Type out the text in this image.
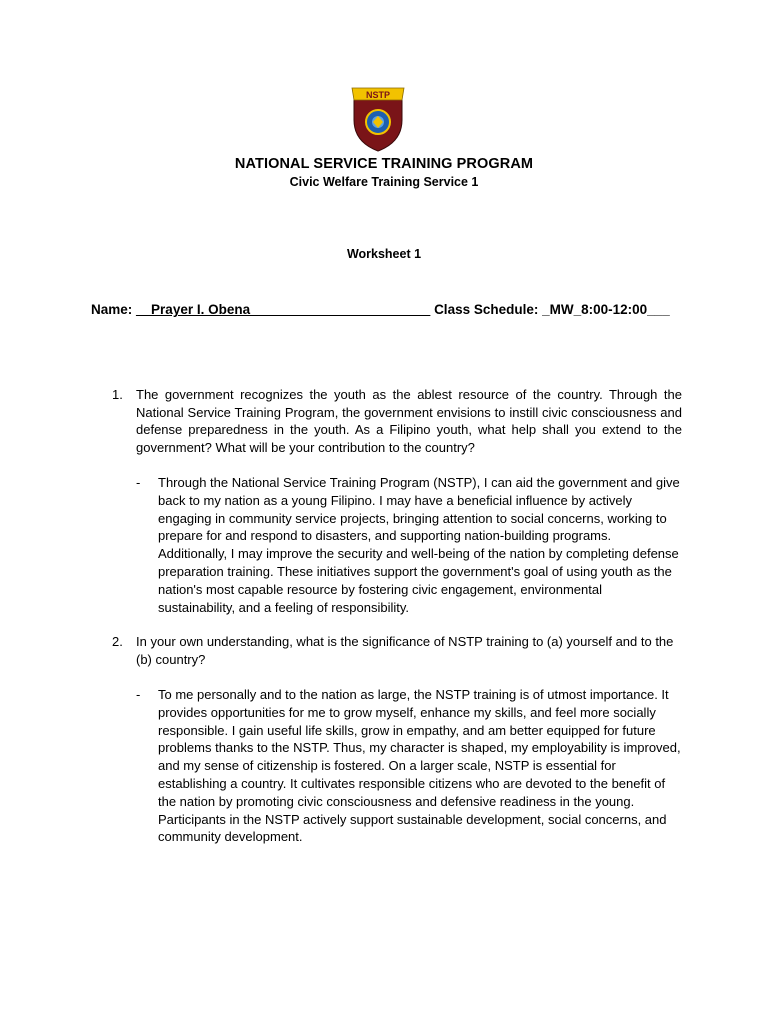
NSTP
NATIONAL SERVICE TRAINING PROGRAM
Civic Welfare Training Service 1
Worksheet 1
Name: __Prayer I. Obena________________________ Class Schedule: _MW_8:00-12:00___
1. The government recognizes the youth as the ablest resource of the country. Through the National Service Training Program, the government envisions to instill civic consciousness and defense preparedness in the youth. As a Filipino youth, what help shall you extend to the government? What will be your contribution to the country?
- Through the National Service Training Program (NSTP), I can aid the government and give back to my nation as a young Filipino. I may have a beneficial influence by actively engaging in community service projects, bringing attention to social concerns, working to prepare for and respond to disasters, and supporting nation-building programs. Additionally, I may improve the security and well-being of the nation by completing defense preparation training. These initiatives support the government's goal of using youth as the nation's most capable resource by fostering civic engagement, environmental sustainability, and a feeling of responsibility.
2. In your own understanding, what is the significance of NSTP training to (a) yourself and to the (b) country?
- To me personally and to the nation as large, the NSTP training is of utmost importance. It provides opportunities for me to grow myself, enhance my skills, and feel more socially responsible. I gain useful life skills, grow in empathy, and am better equipped for future problems thanks to the NSTP. Thus, my character is shaped, my employability is improved, and my sense of citizenship is fostered. On a larger scale, NSTP is essential for establishing a country. It cultivates responsible citizens who are devoted to the benefit of the nation by promoting civic consciousness and defensive readiness in the young. Participants in the NSTP actively support sustainable development, social concerns, and community development.
